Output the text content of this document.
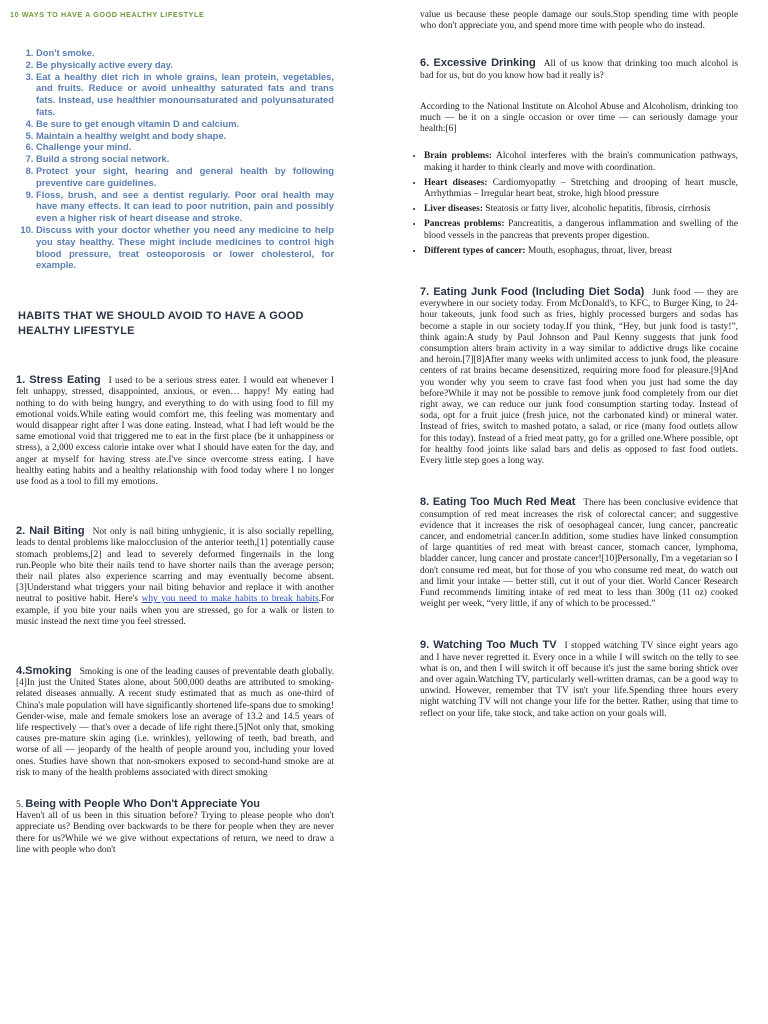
10 WAYS TO HAVE A GOOD HEALTHY LIFESTYLE
1. Don't smoke.
2. Be physically active every day.
3. Eat a healthy diet rich in whole grains, lean protein, vegetables, and fruits. Reduce or avoid unhealthy saturated fats and trans fats. Instead, use healthier monounsaturated and polyunsaturated fats.
4. Be sure to get enough vitamin D and calcium.
5. Maintain a healthy weight and body shape.
6. Challenge your mind.
7. Build a strong social network.
8. Protect your sight, hearing and general health by following preventive care guidelines.
9. Floss, brush, and see a dentist regularly. Poor oral health may have many effects. It can lead to poor nutrition, pain and possibly even a higher risk of heart disease and stroke.
10. Discuss with your doctor whether you need any medicine to help you stay healthy. These might include medicines to control high blood pressure, treat osteoporosis or lower cholesterol, for example.
HABITS THAT WE SHOULD AVOID TO HAVE A GOOD HEALTHY LIFESTYLE

1. Stress Eating I used to be a serious stress eater. I would eat whenever I felt unhappy, stressed, disappointed, anxious, or even… happy! My eating had nothing to do with being hungry, and everything to do with using food to fill my emotional voids.While eating would comfort me, this feeling was momentary and would disappear right after I was done eating. Instead, what I had left would be the same emotional void that triggered me to eat in the first place (be it unhappiness or stress), a 2,000 excess calorie intake over what I should have eaten for the day, and anger at myself for having stress ate.I've since overcome stress eating. I have healthy eating habits and a healthy relationship with food today where I no longer use food as a tool to fill my emotions.

2. Nail Biting Not only is nail biting unhygienic, it is also socially repelling, leads to dental problems like malocclusion of the anterior teeth,[1] potentially cause stomach problems,[2] and lead to severely deformed fingernails in the long run.People who bite their nails tend to have shorter nails than the average person; their nail plates also experience scarring and may eventually become absent.[3]Understand what triggers your nail biting behavior and replace it with another neutral to positive habit. Here's why you need to make habits to break habits.For example, if you bite your nails when you are stressed, go for a walk or listen to music instead the next time you feel stressed.

4.Smoking Smoking is one of the leading causes of preventable death globally.[4]In just the United States alone, about 500,000 deaths are attributed to smoking-related diseases annually. A recent study estimated that as much as one-third of China's male population will have significantly shortened life-spans due to smoking! Gender-wise, male and female smokers lose an average of 13.2 and 14.5 years of life respectively — that's over a decade of life right there.[5]Not only that, smoking causes pre-mature skin aging (i.e. wrinkles), yellowing of teeth, bad breath, and worse of all — jeopardy of the health of people around you, including your loved ones. Studies have shown that non-smokers exposed to second-hand smoke are at risk to many of the health problems associated with direct smoking

5. Being with People Who Don't Appreciate You
Haven't all of us been in this situation before? Trying to please people who don't appreciate us? Bending over backwards to be there for people when they are never there for us?While we we give without expectations of return, we need to draw a line with people who don't

value us because these people damage our souls.Stop spending time with people who don't appreciate you, and spend more time with people who do instead.

6. Excessive Drinking All of us know that drinking too much alcohol is bad for us, but do you know how bad it really is?

According to the National Institute on Alcohol Abuse and Alcoholism, drinking too much — be it on a single occasion or over time — can seriously damage your health:[6]

• Brain problems: Alcohol interferes with the brain's communication pathways, making it harder to think clearly and move with coordination.
• Heart diseases: Cardiomyopathy – Stretching and drooping of heart muscle, Arrhythmias – Irregular heart beat, stroke, high blood pressure
• Liver diseases: Steatosis or fatty liver, alcoholic hepatitis, fibrosis, cirrhosis
• Pancreas problems: Pancreatitis, a dangerous inflammation and swelling of the blood vessels in the pancreas that prevents proper digestion.
• Different types of cancer: Mouth, esophagus, throat, liver, breast

7. Eating Junk Food (Including Diet Soda) Junk food — they are everywhere in our society today. From McDonald's, to KFC, to Burger King, to 24-hour takeouts, junk food such as fries, highly processed burgers and sodas has become a staple in our society today.If you think, “Hey, but junk food is tasty!”, think again:A study by Paul Johnson and Paul Kenny suggests that junk food consumption alters brain activity in a way similar to addictive drugs like cocaine and heroin.[7][8]After many weeks with unlimited access to junk food, the pleasure centers of rat brains became desensitized, requiring more food for pleasure.[9]And you wonder why you seem to crave fast food when you just had some the day before?While it may not be possible to remove junk food completely from our diet right away, we can reduce our junk food consumption starting today. Instead of soda, opt for a fruit juice (fresh juice, not the carbonated kind) or mineral water. Instead of fries, switch to mashed potato, a salad, or rice (many food outlets allow for this today). Instead of a fried meat patty, go for a grilled one.Where possible, opt for healthy food joints like salad bars and delis as opposed to fast food outlets. Every little step goes a long way.

8. Eating Too Much Red Meat There has been conclusive evidence that consumption of red meat increases the risk of colorectal cancer; and suggestive evidence that it increases the risk of oesophageal cancer, lung cancer, pancreatic cancer, and endometrial cancer.In addition, some studies have linked consumption of large quantities of red meat with breast cancer, stomach cancer, lymphoma, bladder cancer, lung cancer and prostate cancer![10]Personally, I'm a vegetarian so I don't consume red meat, but for those of you who consume red meat, do watch out and limit your intake — better still, cut it out of your diet. World Cancer Research Fund recommends limiting intake of red meat to less than 300g (11 oz) cooked weight per week, “very little, if any of which to be processed.”

9. Watching Too Much TV I stopped watching TV since eight years ago and I have never regretted it. Every once in a while I will switch on the telly to see what is on, and then I will switch it off because it's just the same boring shtick over and over again.Watching TV, particularly well-written dramas, can be a good way to unwind. However, remember that TV isn't your life.Spending three hours every night watching TV will not change your life for the better. Rather, using that time to reflect on your life, take stock, and take action on your goals will.
